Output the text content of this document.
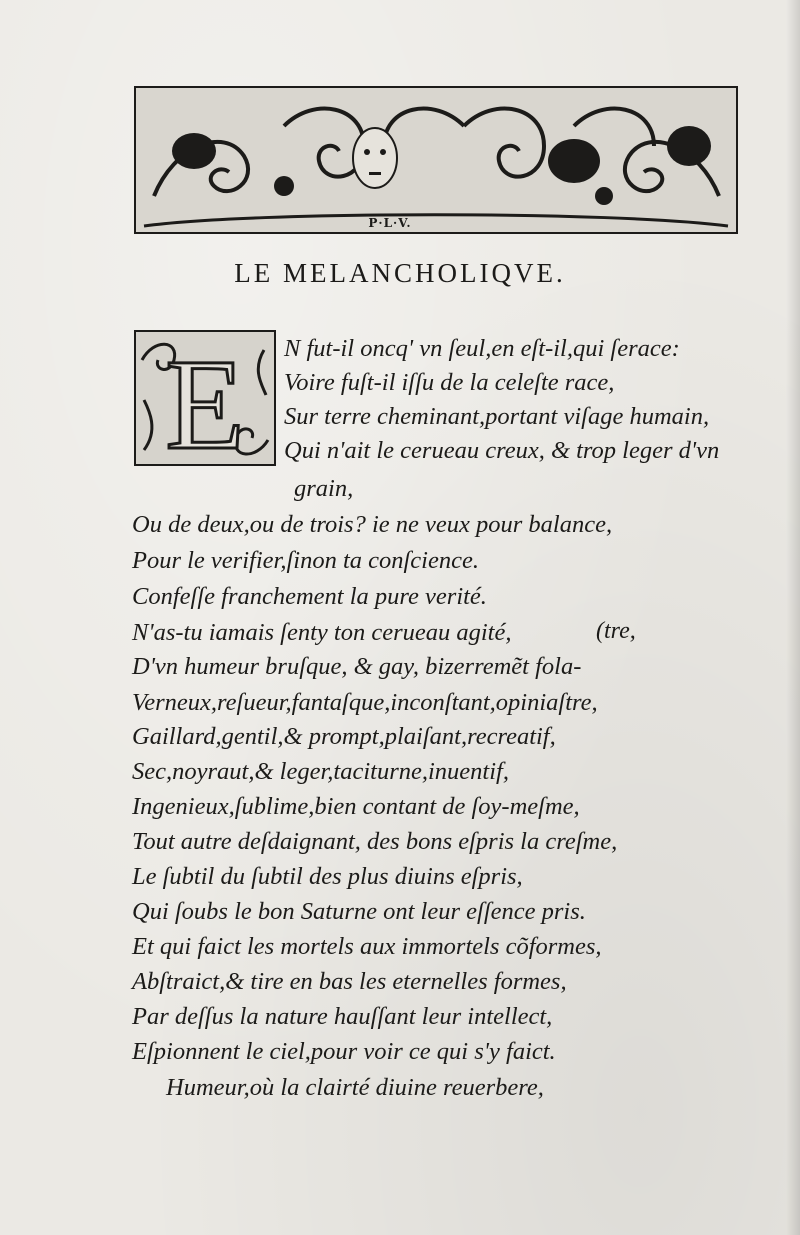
P·L·V.
LE MELANCHOLIQVE.
E N fut-il oncq' vn ſeul,en eſt-il,qui ſerace:
Voire fuſt-il iſſu de la celeſte race,
Sur terre cheminant,portant viſage humain,
Qui n'ait le cerueau creux, & trop leger d'vn
grain,
Ou de deux,ou de trois? ie ne veux pour balance,
Pour le verifier,ſinon ta conſcience.
Confeſſe franchement la pure verité.
N'as-tu iamais ſenty ton cerueau agité,	(tre,
D'vn humeur bruſque, & gay, bizerremẽt fola-
Verneux,reſueur,fantaſque,inconſtant,opiniaſtre,
Gaillard,gentil,& prompt,plaiſant,recreatif,
Sec,noyraut,& leger,taciturne,inuentif,
Ingenieux,ſublime,bien contant de ſoy-meſme,
Tout autre deſdaignant, des bons eſpris la creſme,
Le ſubtil du ſubtil des plus diuins eſpris,
Qui ſoubs le bon Saturne ont leur eſſence pris.
Et qui faict les mortels aux immortels cõformes,
Abſtraict,& tire en bas les eternelles formes,
Par deſſus la nature hauſſant leur intellect,
Eſpionnent le ciel,pour voir ce qui s'y faict.
Humeur,où la clairté diuine reuerbere,
